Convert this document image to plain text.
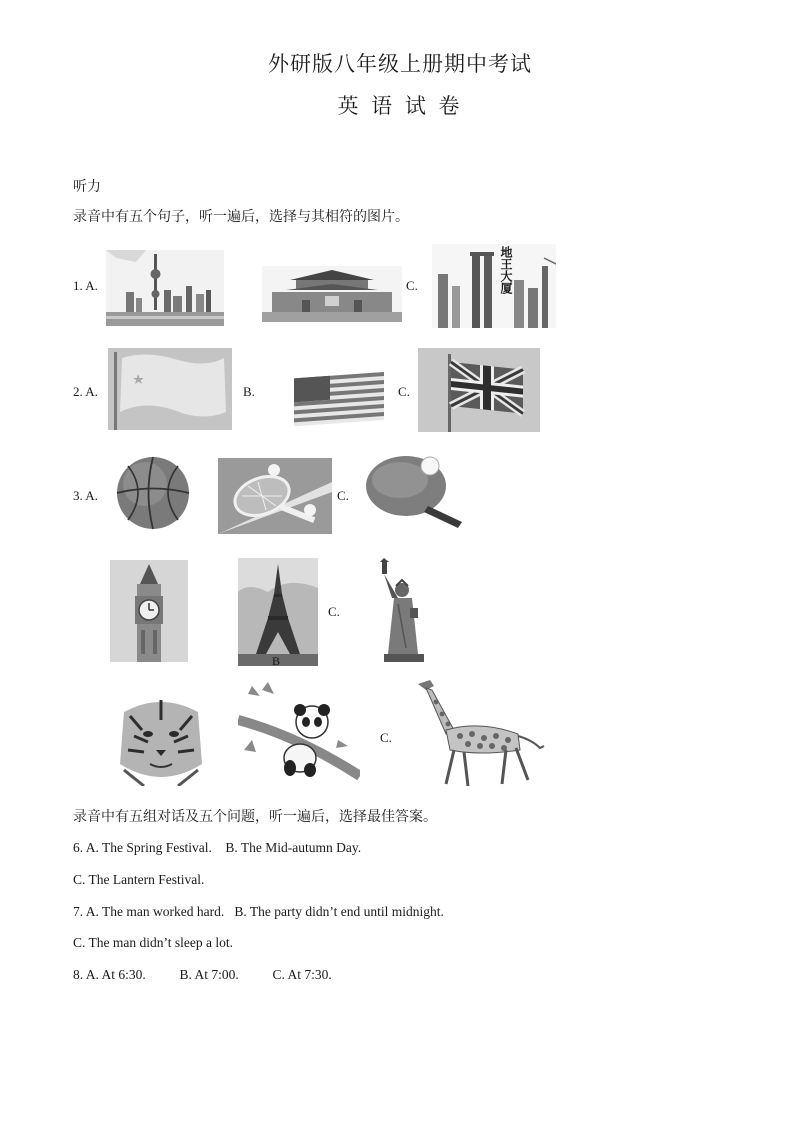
外研版八年级上册期中考试
英 语 试 卷
听力
录音中有五个句子，听一遍后，选择与其相符的图片。
1. A.	C.	地王大厦
2. A.	B.	C.
3. A.	C.
B
C.
C.
录音中有五组对话及五个问题，听一遍后，选择最佳答案。
6. A. The Spring Festival.    B. The Mid-autumn Day.
C. The Lantern Festival.
7. A. The man worked hard.   B. The party didn’t end until midnight.
C. The man didn’t sleep a lot.
8. A. At 6:30.          B. At 7:00.          C. At 7:30.
